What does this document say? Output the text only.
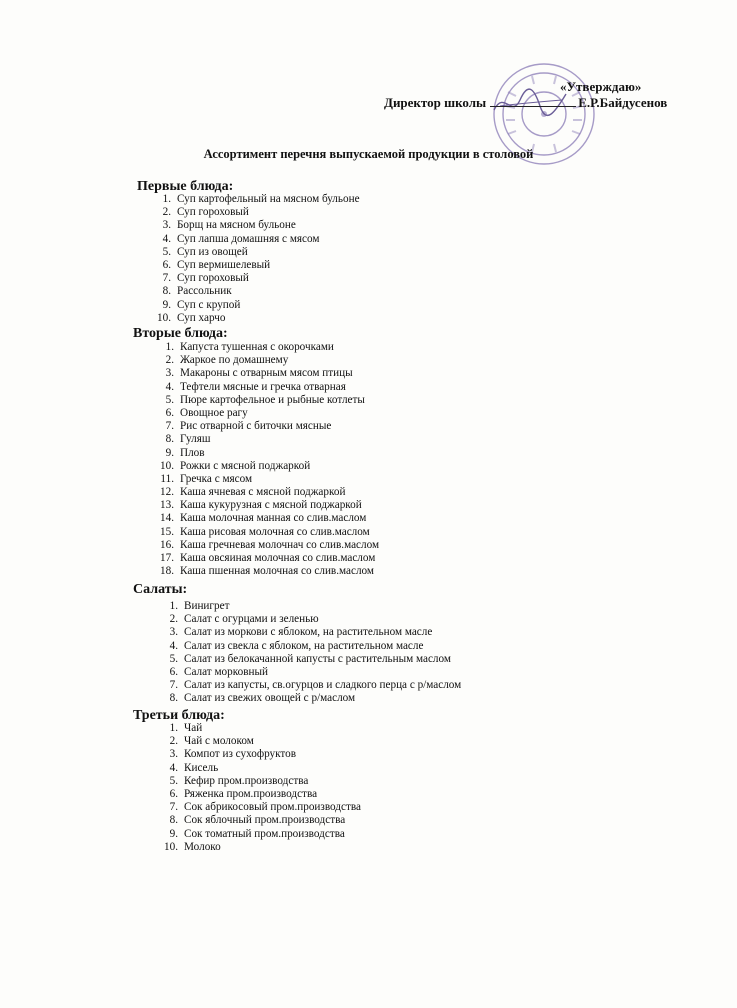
«Утверждаю»
Директор школы	Е.Р.Байдусенов
Ассортимент перечня выпускаемой продукции в столовой
Первые блюда:
1. Суп картофельный на мясном бульоне
2. Суп гороховый
3. Борщ на мясном бульоне
4. Суп лапша домашняя с мясом
5. Суп из овощей
6. Суп вермишелевый
7. Суп гороховый
8. Рассольник
9. Суп с крупой
10. Суп харчо
Вторые блюда:
1. Капуста тушенная с окорочками
2. Жаркое по домашнему
3. Макароны с отварным мясом птицы
4. Тефтели мясные и гречка отварная
5. Пюре картофельное и рыбные котлеты
6. Овощное рагу
7. Рис отварной с биточки мясные
8. Гуляш
9. Плов
10. Рожки с мясной поджаркой
11. Гречка с мясом
12. Каша ячневая с мясной поджаркой
13. Каша кукурузная с мясной поджаркой
14. Каша молочная манная со слив.маслом
15. Каша рисовая молочная со слив.маслом
16. Каша гречневая молочнач со слив.маслом
17. Каша овсяиная молочная со слив.маслом
18. Каша пшенная молочная со слив.маслом
Салаты:
1. Винигрет
2. Салат с огурцами и зеленью
3. Салат из моркови с яблоком, на растительном масле
4. Салат из свекла с яблоком, на растительном масле
5. Салат из белокачанной капусты с растительным маслом
6. Салат морковный
7. Салат из капусты, св.огурцов и сладкого перца с р/маслом
8. Салат из свежих овощей с р/маслом
Третьи блюда:
1. Чай
2. Чай с молоком
3. Компот из сухофруктов
4. Кисель
5. Кефир пром.производства
6. Ряженка пром.производства
7. Сок абрикосовый пром.производства
8. Сок яблочный пром.производства
9. Сок томатный пром.производства
10. Молоко
